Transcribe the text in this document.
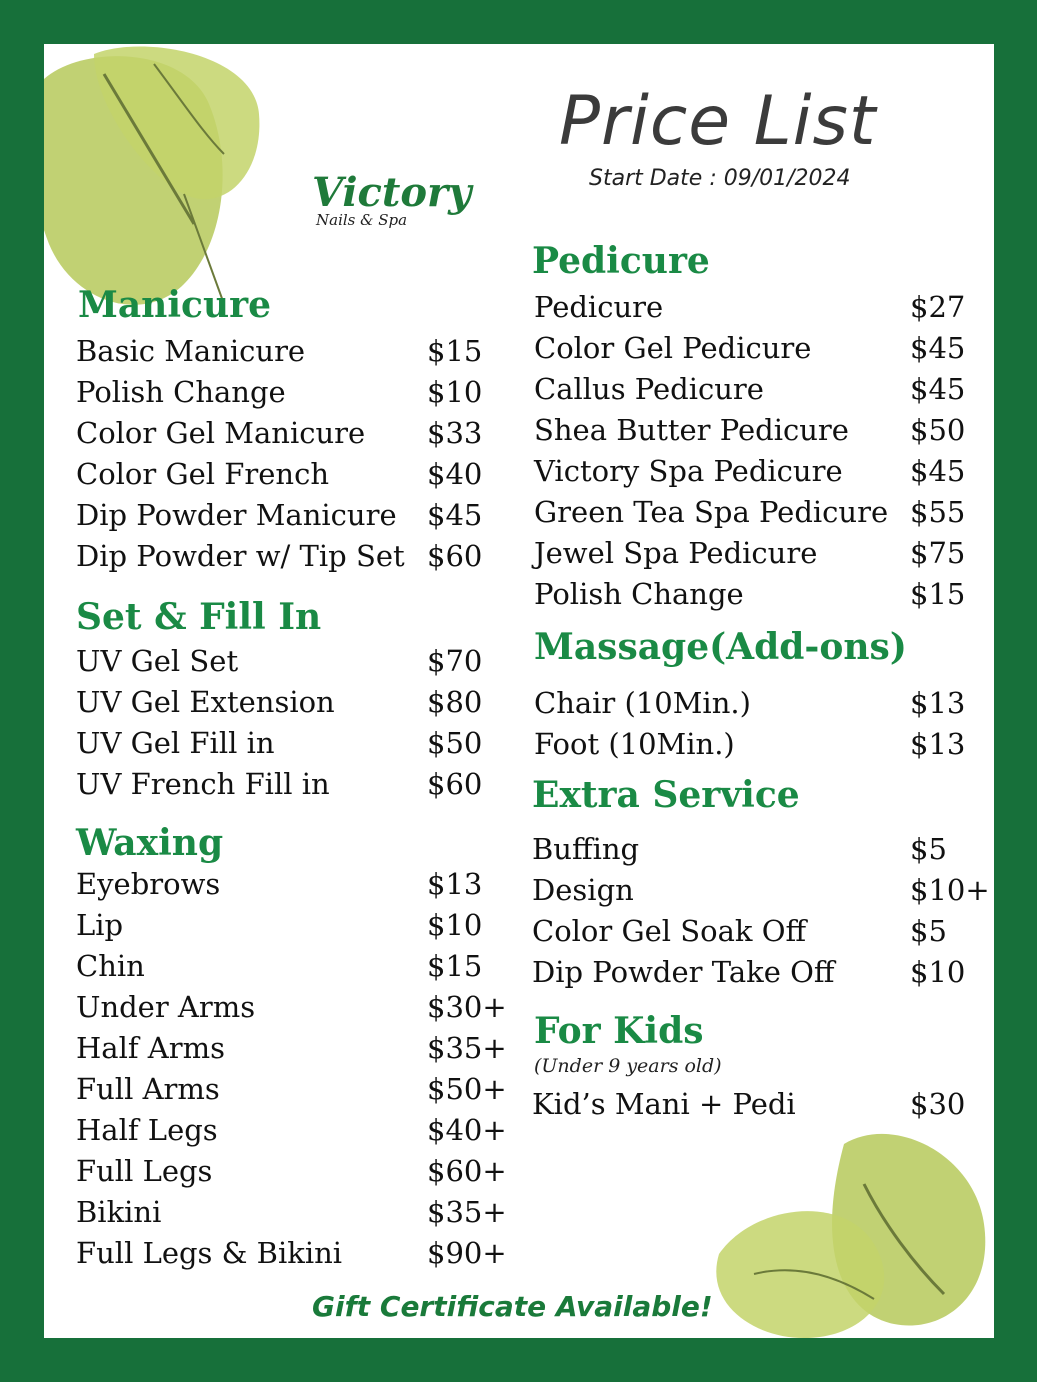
Victory
Nails & Spa
Price List
Start Date : 09/01/2024
Manicure
Set & Fill In
Waxing
Pedicure
Massage(Add-ons)
Extra Service
For Kids
(Under 9 years old)
Basic Manicure	$15
Polish Change	$10
Color Gel Manicure $33
Color Gel French	$40
Dip Powder Manicure $45
Dip Powder w/ Tip Set $60
UV Gel Set	$70
UV Gel Extension	$80
UV Gel Fill in	$50
UV French Fill in	$60
Eyebrows	$13
Lip	$10
Chin	$15
Under Arms	$30+
Half Arms	$35+
Full Arms	$50+
Half Legs	$40+
Full Legs	$60+
Bikini	$35+
Full Legs & Bikini	$90+
Pedicure	$27
Color Gel Pedicure	$45
Callus Pedicure	$45
Shea Butter Pedicure $50
Victory Spa Pedicure $45
Green Tea Spa Pedicure $55
Jewel Spa Pedicure	$75
Polish Change	$15
Chair (10Min.)	$13
Foot (10Min.)	$13
Buffing	$5
Design	$10+
Color Gel Soak Off	$5
Dip Powder Take Off	$10
Kid’s Mani + Pedi	$30
Gift Certificate Available!
